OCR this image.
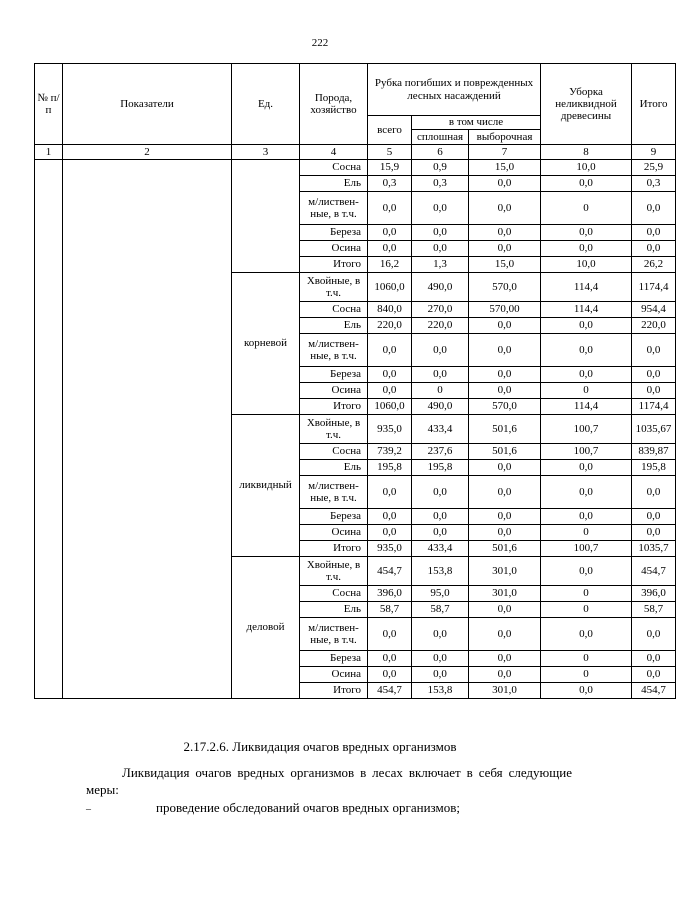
222
№ п/п	Показатели	Ед.	Порода, хозяйство	Рубка погибших и поврежденных лесных насаждений			Уборка неликвидной древесины	Итого
				всего	в том числе			
					сплошная	выборочная		
1	2	3	4	5	6	7	8	9
			Сосна	15,9	0,9	15,0	10,0	25,9
			Ель	0,3	0,3	0,0	0,0	0,3
			м/листвен-ные, в т.ч.	0,0	0,0	0,0	0	0,0
			Береза	0,0	0,0	0,0	0,0	0,0
			Осина	0,0	0,0	0,0	0,0	0,0
			Итого	16,2	1,3	15,0	10,0	26,2
		корневой	Хвойные, в т.ч.	1060,0	490,0	570,0	114,4	1174,4
			Сосна	840,0	270,0	570,00	114,4	954,4
			Ель	220,0	220,0	0,0	0,0	220,0
			м/листвен-ные, в т.ч.	0,0	0,0	0,0	0,0	0,0
			Береза	0,0	0,0	0,0	0,0	0,0
			Осина	0,0	0	0,0	0	0,0
			Итого	1060,0	490,0	570,0	114,4	1174,4
		ликвидный	Хвойные, в т.ч.	935,0	433,4	501,6	100,7	1035,67
			Сосна	739,2	237,6	501,6	100,7	839,87
			Ель	195,8	195,8	0,0	0,0	195,8
			м/листвен-ные, в т.ч.	0,0	0,0	0,0	0,0	0,0
			Береза	0,0	0,0	0,0	0,0	0,0
			Осина	0,0	0,0	0,0	0	0,0
			Итого	935,0	433,4	501,6	100,7	1035,7
		деловой	Хвойные, в т.ч.	454,7	153,8	301,0	0,0	454,7
			Сосна	396,0	95,0	301,0	0	396,0
			Ель	58,7	58,7	0,0	0	58,7
			м/листвен-ные, в т.ч.	0,0	0,0	0,0	0,0	0,0
			Береза	0,0	0,0	0,0	0	0,0
			Осина	0,0	0,0	0,0	0	0,0
			Итого	454,7	153,8	301,0	0,0	454,7
2.17.2.6. Ликвидация очагов вредных организмов
Ликвидация очагов вредных организмов в лесах включает в себя следующие меры:
–	проведение обследований очагов вредных организмов;
